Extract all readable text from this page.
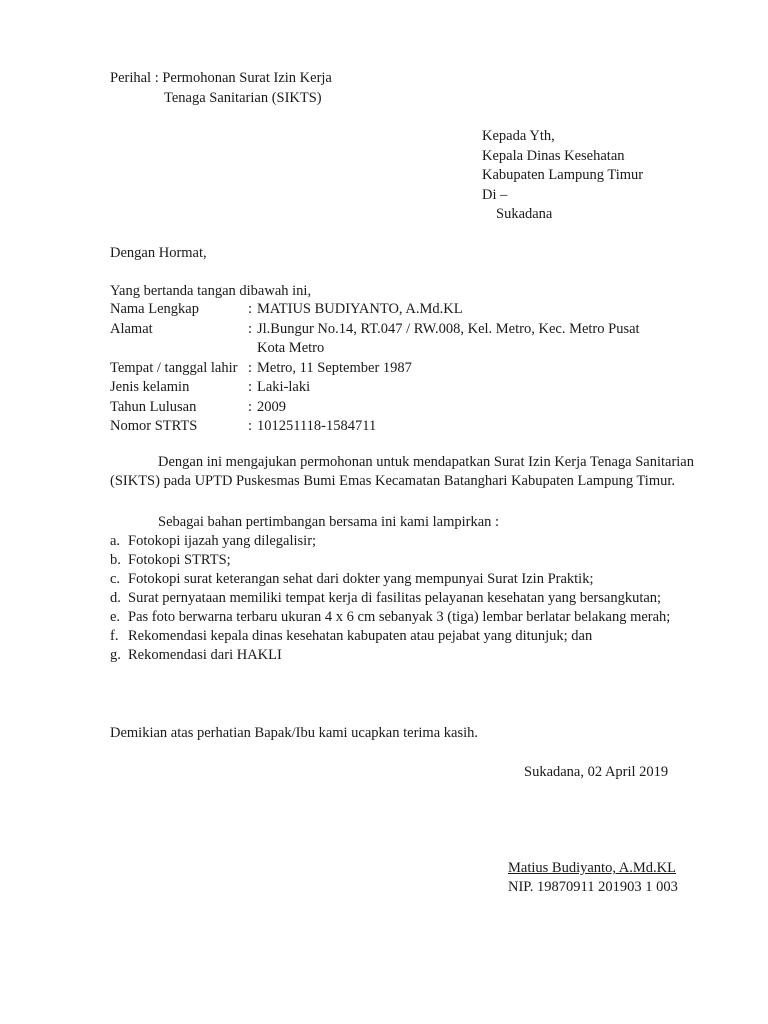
Perihal : Permohonan Surat Izin Kerja
Tenaga Sanitarian (SIKTS)
Kepada Yth,
Kepala Dinas Kesehatan
Kabupaten Lampung Timur
Di –
Sukadana
Dengan Hormat,
Yang bertanda tangan dibawah ini,
Nama Lengkap	: MATIUS BUDIYANTO, A.Md.KL
Alamat	: Jl.Bungur No.14, RT.047 / RW.008, Kel. Metro, Kec. Metro Pusat
Kota Metro
Tempat / tanggal lahir : Metro, 11 September 1987
Jenis kelamin	: Laki-laki
Tahun Lulusan	: 2009
Nomor STRTS	: 101251118-1584711
Dengan ini mengajukan permohonan untuk mendapatkan Surat Izin Kerja Tenaga Sanitarian (SIKTS) pada UPTD Puskesmas Bumi Emas Kecamatan Batanghari Kabupaten Lampung Timur.
Sebagai bahan pertimbangan bersama ini kami lampirkan :
a. Fotokopi ijazah yang dilegalisir;
b. Fotokopi STRTS;
c. Fotokopi surat keterangan sehat dari dokter yang mempunyai Surat Izin Praktik;
d. Surat pernyataan memiliki tempat kerja di fasilitas pelayanan kesehatan yang bersangkutan;
e. Pas foto berwarna terbaru ukuran 4 x 6 cm sebanyak 3 (tiga) lembar berlatar belakang merah;
f. Rekomendasi kepala dinas kesehatan kabupaten atau pejabat yang ditunjuk; dan
g. Rekomendasi dari HAKLI
Demikian atas perhatian Bapak/Ibu kami ucapkan terima kasih.
Sukadana, 02 April 2019
Matius Budiyanto, A.Md.KL
NIP. 19870911 201903 1 003
